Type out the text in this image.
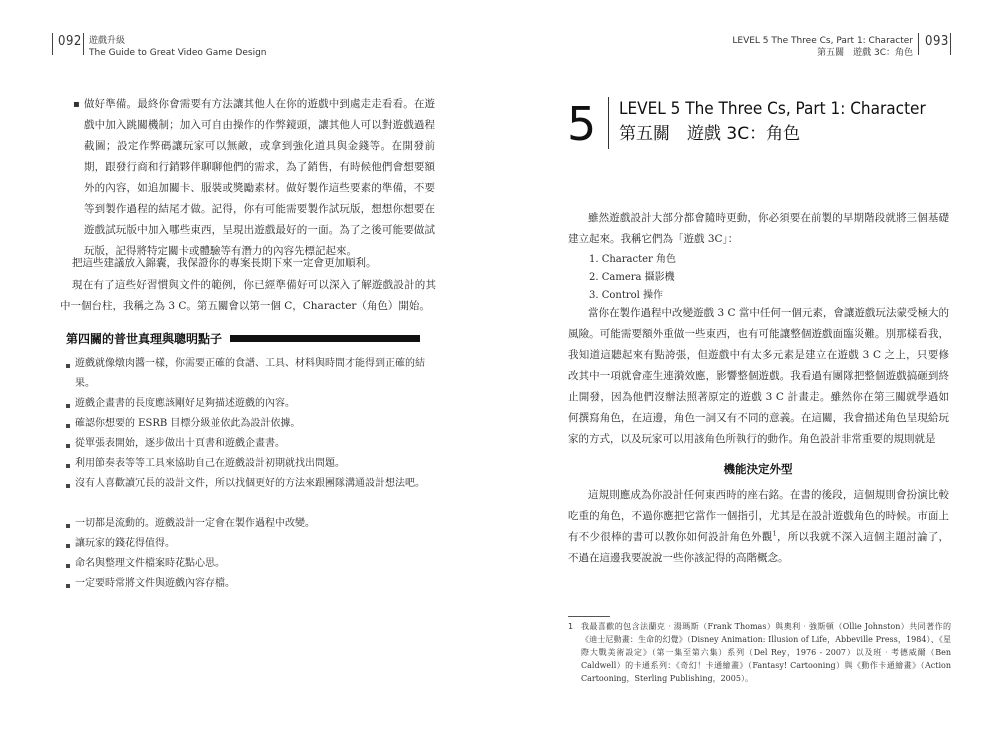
092 遊戲升級
The Guide to Great Video Game Design
▪ 做好準備。最終你會需要有方法讓其他人在你的遊戲中到處走走看看。在遊戲中加入跳關機制；加入可自由操作的作弊鏡頭，讓其他人可以對遊戲過程截圖；設定作弊碼讓玩家可以無敵，或拿到強化道具與金錢等。在開發前期，跟發行商和行銷夥伴聊聊他們的需求，為了銷售，有時候他們會想要額外的內容，如追加關卡、服裝或獎勵素材。做好製作這些要素的準備，不要等到製作過程的結尾才做。記得，你有可能需要製作試玩版，想想你想要在遊戲試玩版中加入哪些東西，呈現出遊戲最好的一面。為了之後可能要做試玩版，記得將特定關卡或體驗等有潛力的內容先標記起來。
把這些建議放入錦囊，我保證你的專案長期下來一定會更加順利。
現在有了這些好習慣與文件的範例，你已經準備好可以深入了解遊戲設計的其中一個台柱，我稱之為 3 C。第五關會以第一個 C，Character（角色）開始。
第四關的普世真理與聰明點子
遊戲就像燉肉醬一樣，你需要正確的食譜、工具、材料與時間才能得到正確的結果。
遊戲企畫書的長度應該剛好足夠描述遊戲的內容。
確認你想要的 ESRB 目標分級並依此為設計依據。
從單張表開始，逐步做出十頁書和遊戲企畫書。
利用節奏表等等工具來協助自己在遊戲設計初期就找出問題。
沒有人喜歡讀冗長的設計文件，所以找個更好的方法來跟團隊溝通設計想法吧。
一切都是流動的。遊戲設計一定會在製作過程中改變。
讓玩家的錢花得值得。
命名與整理文件檔案時花點心思。
一定要時常將文件與遊戲內容存檔。
LEVEL 5 The Three Cs, Part 1: Character
第五關　遊戲 3C：角色
093
5 LEVEL 5 The Three Cs, Part 1: Character
第五關　遊戲 3C：角色
雖然遊戲設計大部分都會隨時更動，你必須要在前製的早期階段就將三個基礎建立起來。我稱它們為「遊戲 3C」：
1. Character 角色
2. Camera 攝影機
3. Control 操作
當你在製作過程中改變遊戲 3 C 當中任何一個元素，會讓遊戲玩法蒙受極大的風險。可能需要額外重做一些東西，也有可能讓整個遊戲面臨災難。別那樣看我，我知道這聽起來有點誇張，但遊戲中有太多元素是建立在遊戲 3 C 之上，只要修改其中一項就會產生連漪效應，影響整個遊戲。我看過有團隊把整個遊戲搞砸到終止開發，因為他們沒辦法照著原定的遊戲 3 C 計畫走。雖然你在第三關就學過如何撰寫角色，在這邊，角色一詞又有不同的意義。在這關，我會描述角色呈現給玩家的方式，以及玩家可以用該角色所執行的動作。角色設計非常重要的規則就是
機能決定外型
這規則應成為你設計任何東西時的座右銘。在書的後段，這個規則會扮演比較吃重的角色，不過你應把它當作一個指引，尤其是在設計遊戲角色的時候。市面上有不少很棒的書可以教你如何設計角色外觀$^1$，所以我就不深入這個主題討論了，不過在這邊我要說說一些你該記得的高階概念。
1 我最喜歡的包含法蘭克‧湯瑪斯（Frank Thomas）與奧利‧強斯頓（Ollie Johnston）共同著作的《迪士尼動畫：生命的幻覺》（Disney Animation: Illusion of Life，Abbeville Press，1984）、《星際大戰美術設定》（第一集至第六集）系列（Del Rey，1976 - 2007）以及班‧考德威爾（Ben Caldwell）的卡通系列：《奇幻！卡通繪畫》（Fantasy! Cartooning）與《動作卡通繪畫》（Action Cartooning，Sterling Publishing，2005）。
